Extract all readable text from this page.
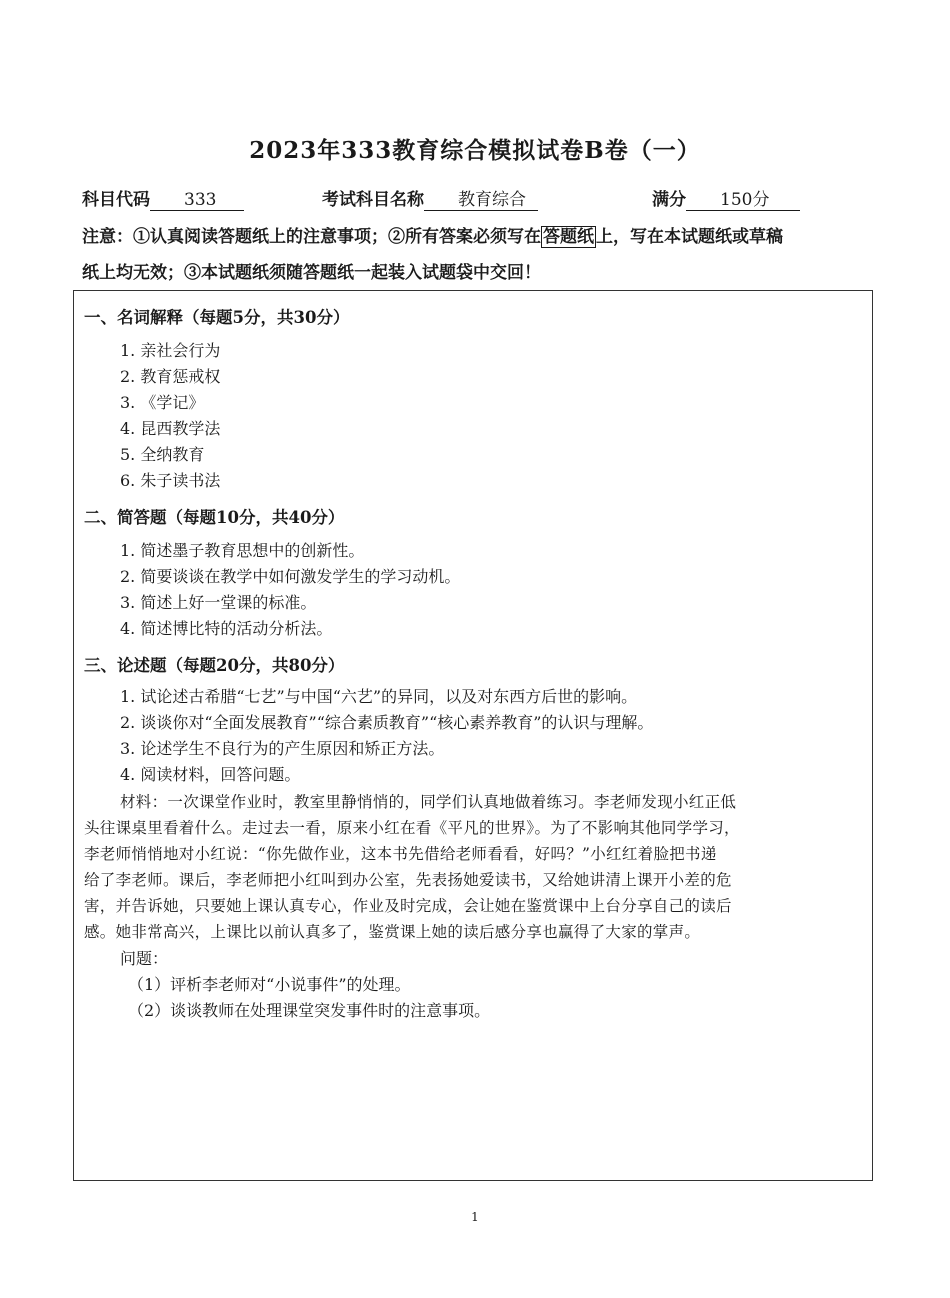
2023年333教育综合模拟试卷B卷（一）
科目代码 333	考试科目名称 教育综合	满分 150分
注意：①认真阅读答题纸上的注意事项；②所有答案必须写在 答题纸 上，写在本试题纸或草稿
纸上均无效；③本试题纸须随答题纸一起装入试题袋中交回！
一、名词解释（每题5分，共30分）
1. 亲社会行为
2. 教育惩戒权
3. 《学记》
4. 昆西教学法
5. 全纳教育
6. 朱子读书法
二、简答题（每题10分，共40分）
1. 简述墨子教育思想中的创新性。
2. 简要谈谈在教学中如何激发学生的学习动机。
3. 简述上好一堂课的标准。
4. 简述博比特的活动分析法。
三、论述题（每题20分，共80分）
1. 试论述古希腊“七艺”与中国“六艺”的异同，以及对东西方后世的影响。
2. 谈谈你对“全面发展教育”“综合素质教育”“核心素养教育”的认识与理解。
3. 论述学生不良行为的产生原因和矫正方法。
4. 阅读材料，回答问题。
材料：一次课堂作业时，教室里静悄悄的，同学们认真地做着练习。李老师发现小红正低
头往课桌里看着什么。走过去一看，原来小红在看《平凡的世界》。为了不影响其他同学学习，
李老师悄悄地对小红说：“你先做作业，这本书先借给老师看看，好吗？”小红红着脸把书递
给了李老师。课后，李老师把小红叫到办公室，先表扬她爱读书，又给她讲清上课开小差的危
害，并告诉她，只要她上课认真专心，作业及时完成，会让她在鉴赏课中上台分享自己的读后
感。她非常高兴，上课比以前认真多了，鉴赏课上她的读后感分享也赢得了大家的掌声。
问题：
（1）评析李老师对“小说事件”的处理。
（2）谈谈教师在处理课堂突发事件时的注意事项。
1
